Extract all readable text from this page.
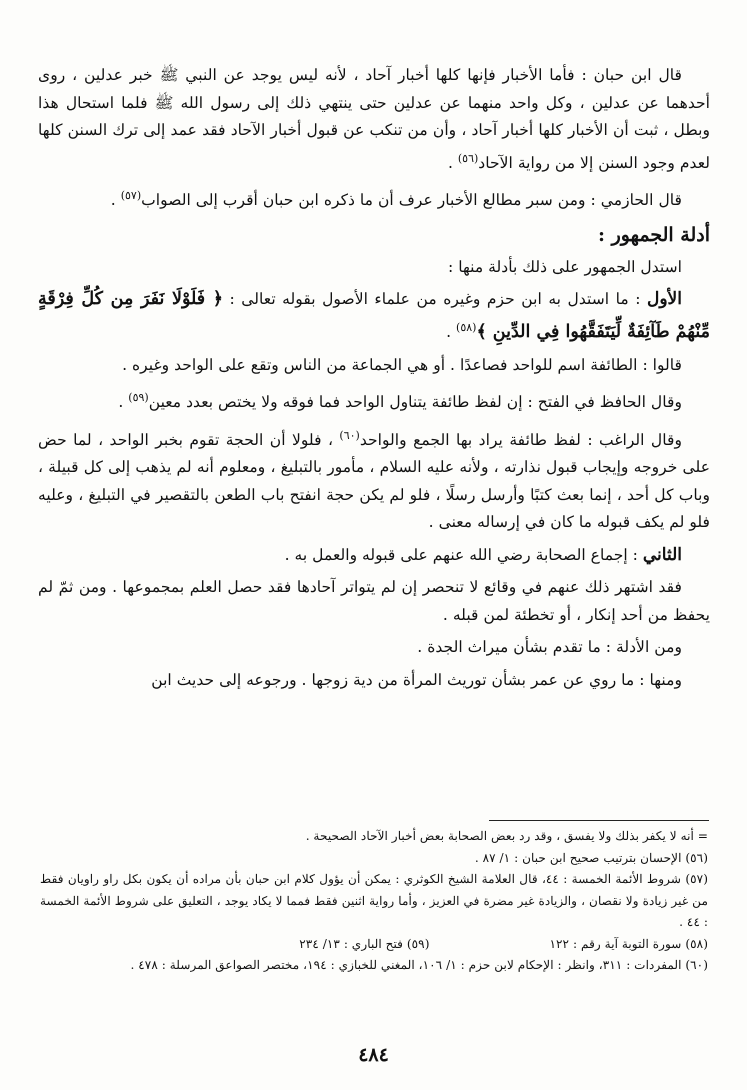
قال ابن حبان : فأما الأخبار فإنها كلها أخبار آحاد ، لأنه ليس يوجد عن النبي ﷺ خبر عدلين ، روى أحدهما عن عدلين ، وكل واحد منهما عن عدلين حتى ينتهي ذلك إلى رسول الله ﷺ فلما استحال هذا وبطل ، ثبت أن الأخبار كلها أخبار آحاد ، وأن من تنكب عن قبول أخبار الآحاد فقد عمد إلى ترك السنن كلها لعدم وجود السنن إلا من رواية الآحاد$^{(٥٦)}$ .

قال الحازمي : ومن سبر مطالع الأخبار عرف أن ما ذكره ابن حبان أقرب إلى الصواب$^{(٥٧)}$ .

أدلة الجمهور :

استدل الجمهور على ذلك بأدلة منها :

الأول : ما استدل به ابن حزم وغيره من علماء الأصول بقوله تعالى : ﴿ فَلَوْلَا نَفَرَ مِن كُلِّ فِرْقَةٍ مِّنْهُمْ طَآئِفَةٌ لِّيَتَفَقَّهُوا فِي الدِّينِ ﴾$^{(٥٨)}$ .

قالوا : الطائفة اسم للواحد فصاعدًا . أو هي الجماعة من الناس وتقع على الواحد وغيره .

وقال الحافظ في الفتح : إن لفظ طائفة يتناول الواحد فما فوقه ولا يختص بعدد معين$^{(٥٩)}$ .

وقال الراغب : لفظ طائفة يراد بها الجمع والواحد$^{(٦٠)}$ ، فلولا أن الحجة تقوم بخبر الواحد ، لما حض على خروجه وإيجاب قبول نذارته ، ولأنه عليه السلام ، مأمور بالتبليغ ، ومعلوم أنه لم يذهب إلى كل قبيلة ، وباب كل أحد ، إنما بعث كتبًا وأرسل رسلًا ، فلو لم يكن حجة انفتح باب الطعن بالتقصير في التبليغ ، وعليه فلو لم يكف قبوله ما كان في إرساله معنى .

الثاني : إجماع الصحابة رضي الله عنهم على قبوله والعمل به .

فقد اشتهر ذلك عنهم في وقائع لا تنحصر إن لم يتواتر آحادها فقد حصل العلم بمجموعها . ومن ثمّ لم يحفظ من أحد إنكار ، أو تخطئة لمن قبله .

ومن الأدلة : ما تقدم بشأن ميراث الجدة .

ومنها : ما روي عن عمر بشأن توريث المرأة من دية زوجها . ورجوعه إلى حديث ابن

= أنه لا يكفر بذلك ولا يفسق ، وقد رد بعض الصحابة بعض أخبار الآحاد الصحيحة .

(٥٦) الإحسان بترتيب صحيح ابن حبان : ١/ ٨٧ .

(٥٧) شروط الأئمة الخمسة : ٤٤، قال العلامة الشيخ الكوثري : يمكن أن يؤول كلام ابن حبان بأن مراده أن يكون بكل راو راويان فقط من غير زيادة ولا نقصان ، والزيادة غير مضرة في العزيز ، وأما رواية اثنين فقط فمما لا يكاد يوجد ، التعليق على شروط الأئمة الخمسة : ٤٤ .

(٥٨) سورة التوبة آية رقم : ١٢٢
(٥٩) فتح الباري : ١٣/ ٢٣٤

(٦٠) المفردات : ٣١١، وانظر : الإحكام لابن حزم : ١/ ١٠٦، المغني للخبازي : ١٩٤، مختصر الصواعق المرسلة : ٤٧٨ .

٤٨٤
